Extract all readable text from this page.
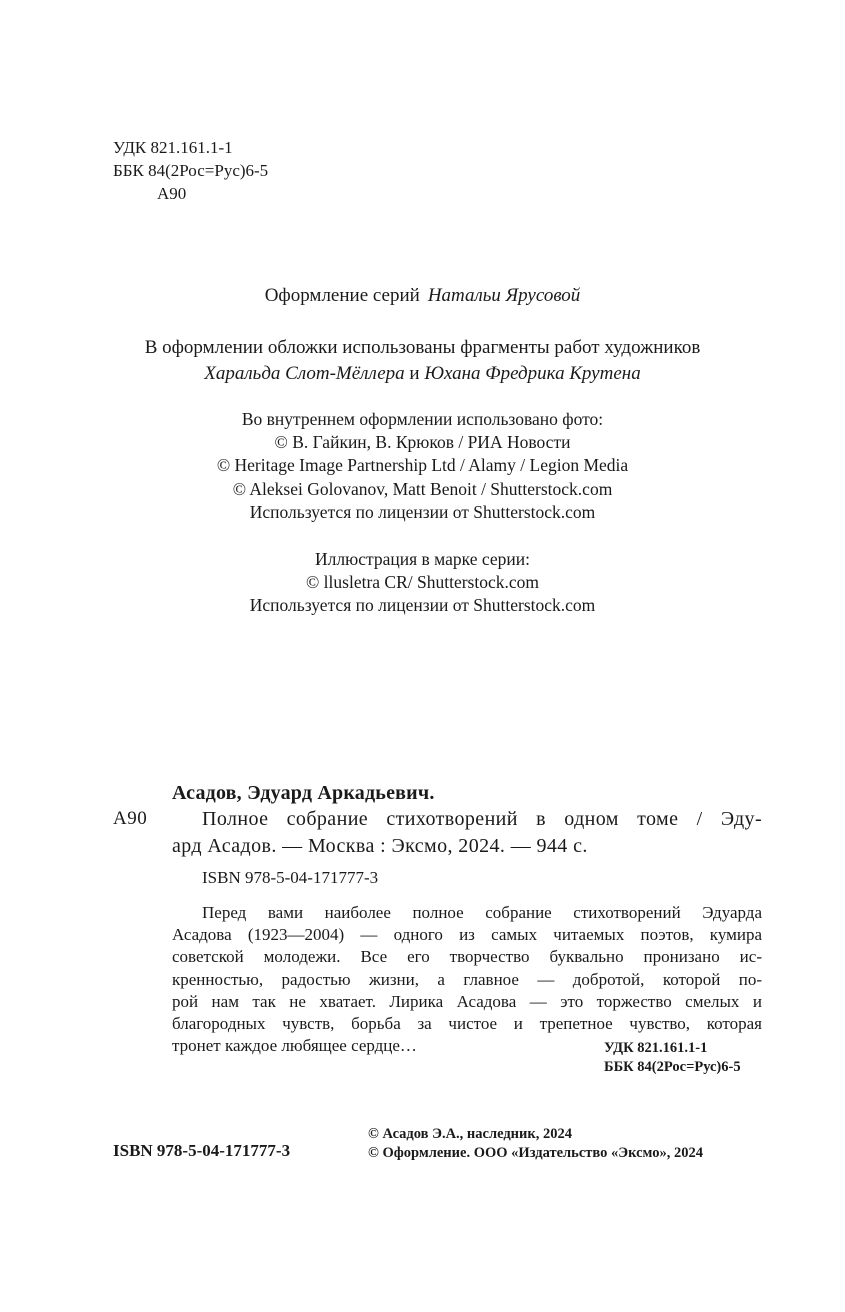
УДК 821.161.1-1
ББК 84(2Рос=Рус)6-5
А90
Оформление серий Натальи Ярусовой
В оформлении обложки использованы фрагменты работ художников
Харальда Слот-Мёллера и Юхана Фредрика Крутена
Во внутреннем оформлении использовано фото:
© В. Гайкин, В. Крюков / РИА Новости
© Heritage Image Partnership Ltd / Alamy / Legion Media
© Aleksei Golovanov, Matt Benoit / Shutterstock.com
Используется по лицензии от Shutterstock.com
Иллюстрация в марке серии:
© llusletra CR/ Shutterstock.com
Используется по лицензии от Shutterstock.com
Асадов, Эдуард Аркадьевич.
А90	Полное собрание стихотворений в одном томе / Эду-
ард Асадов. — Москва : Эксмо, 2024. — 944 с.
ISBN 978-5-04-171777-3
Перед вами наиболее полное собрание стихотворений Эдуарда
Асадова (1923—2004) — одного из самых читаемых поэтов, кумира
советской молодежи. Все его творчество буквально пронизано ис-
кренностью, радостью жизни, а главное — добротой, которой по-
рой нам так не хватает. Лирика Асадова — это торжество смелых и
благородных чувств, борьба за чистое и трепетное чувство, которая
тронет каждое любящее сердце…	УДК 821.161.1-1
ББК 84(2Рос=Рус)6-5
ISBN 978-5-04-171777-3
© Асадов Э.А., наследник, 2024
© Оформление. ООО «Издательство «Эксмо», 2024
